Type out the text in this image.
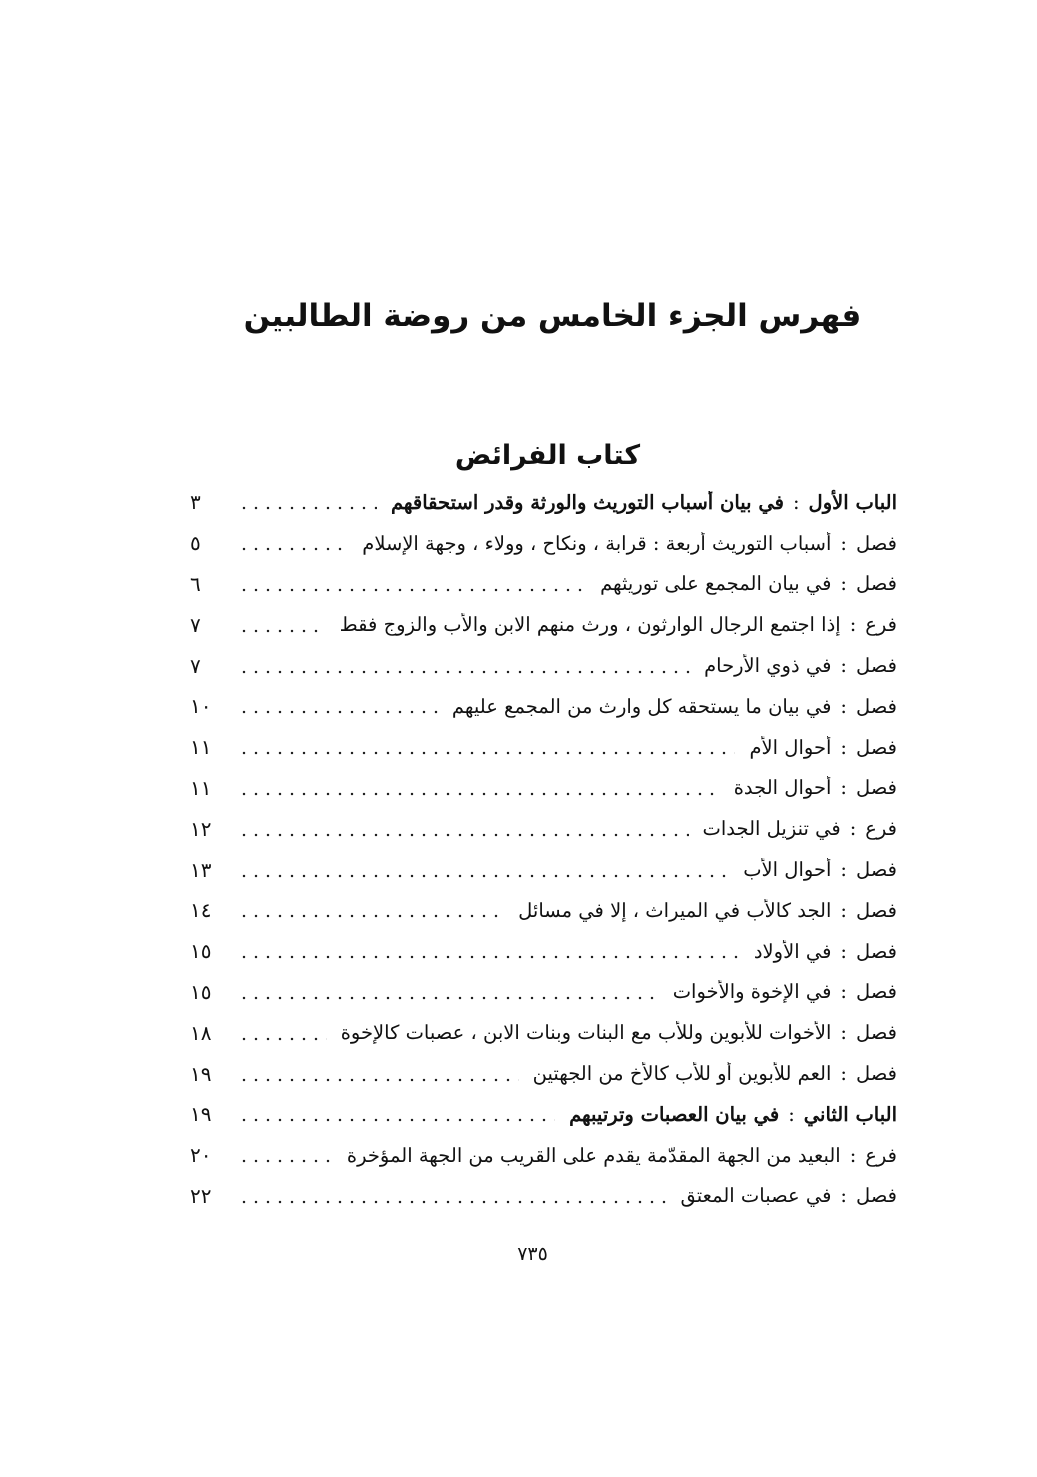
فهرس الجزء الخامس من روضة الطالبين
كتاب الفرائض
الباب الأول
:
في بيان أسباب التوريث والورثة وقدر استحقاقهم
٣
فصل
:
أسباب التوريث أربعة : قرابة ، ونكاح ، وولاء ، وجهة الإسلام
٥
فصل
:
في بيان المجمع على توريثهم
٦
فرع
:
إذا اجتمع الرجال الوارثون ، ورث منهم الابن والأب والزوج فقط
٧
فصل
:
في ذوي الأرحام
٧
فصل
:
في بيان ما يستحقه كل وارث من المجمع عليهم
١٠
فصل
:
أحوال الأم
١١
فصل
:
أحوال الجدة
١١
فرع
:
في تنزيل الجدات
١٢
فصل
:
أحوال الأب
١٣
فصل
:
الجد كالأب في الميراث ، إلا في مسائل
١٤
فصل
:
في الأولاد
١٥
فصل
:
في الإخوة والأخوات
١٥
فصل
:
الأخوات للأبوين وللأب مع البنات وبنات الابن ، عصبات كالإخوة
١٨
فصل
:
العم للأبوين أو للأب كالأخ من الجهتين
١٩
الباب الثاني
:
في بيان العصبات وترتيبهم
١٩
فرع
:
البعيد من الجهة المقدّمة يقدم على القريب من الجهة المؤخرة
٢٠
فصل
:
في عصبات المعتق
٢٢
٧٣٥
